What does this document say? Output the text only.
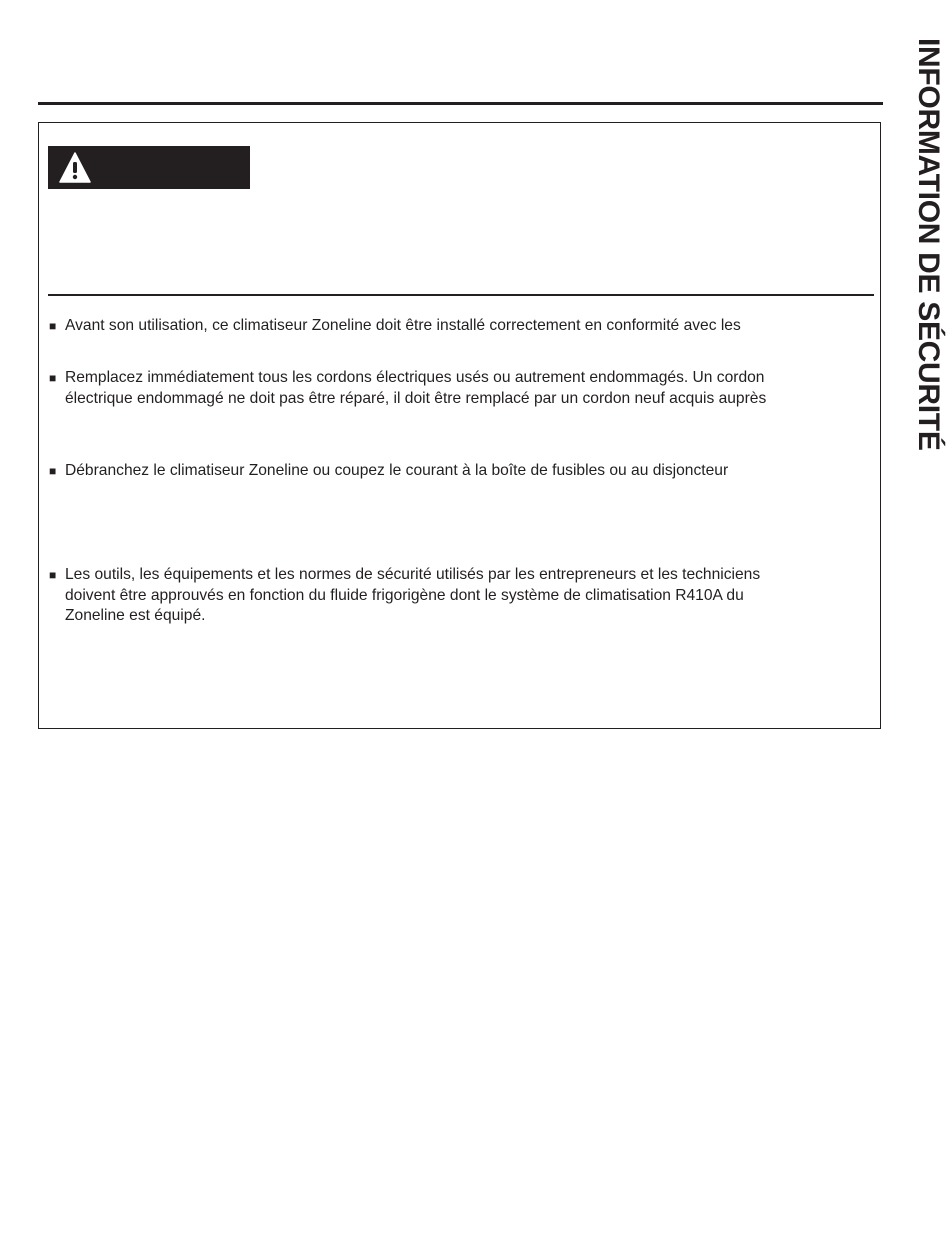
INFORMATION DE SÉCURITÉ
■ Avant son utilisation, ce climatiseur Zoneline doit être installé correctement en conformité avec les
■ Remplacez immédiatement tous les cordons électriques usés ou autrement endommagés. Un cordon
électrique endommagé ne doit pas être réparé, il doit être remplacé par un cordon neuf acquis auprès
■ Débranchez le climatiseur Zoneline ou coupez le courant à la boîte de fusibles ou au disjoncteur
■ Les outils, les équipements et les normes de sécurité utilisés par les entrepreneurs et les techniciens
doivent être approuvés en fonction du fluide frigorigène dont le système de climatisation R410A du
Zoneline est équipé.
